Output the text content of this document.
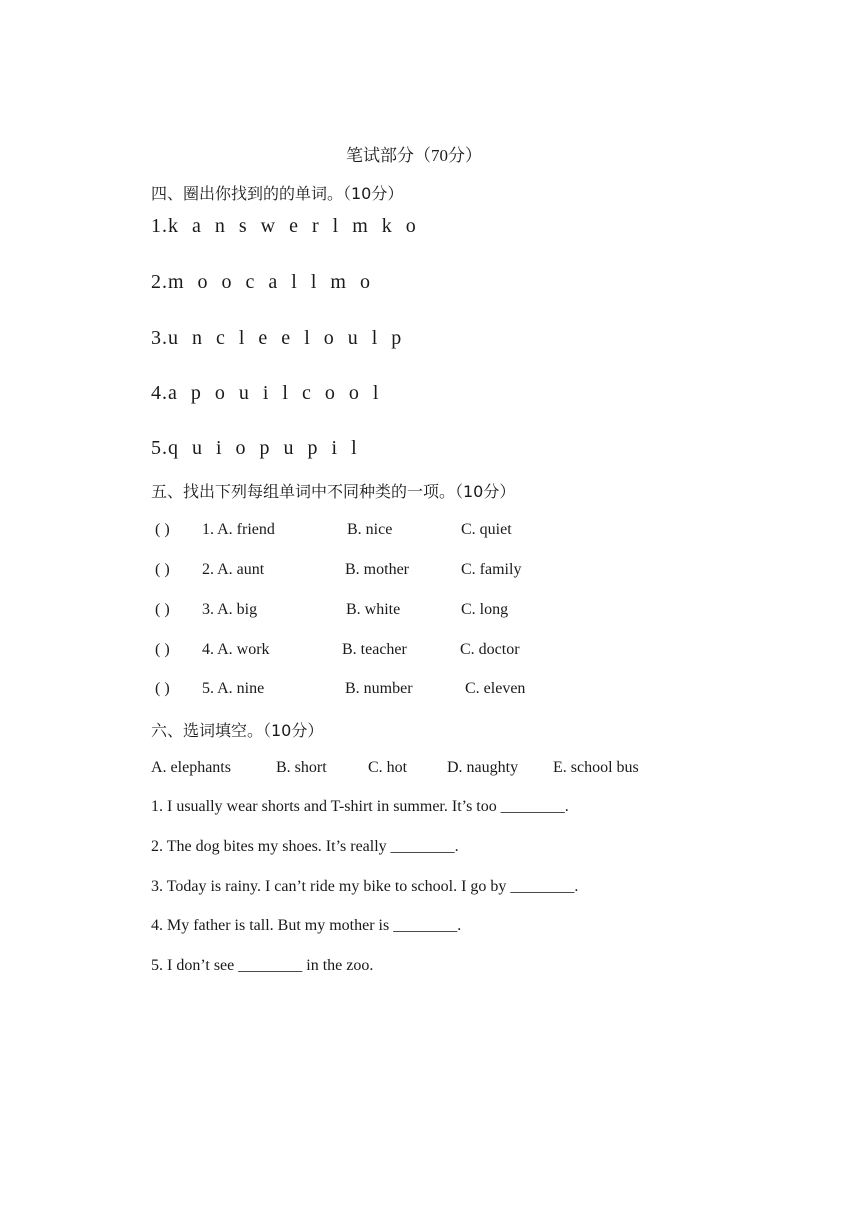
笔试部分（70分）
四、圈出你找到的的单词。（10分）
1.k a n s w e r l m k o
2.m o o c a l l m o
3.u n c l e e l o u l p
4.a p o u i l c o o l
5.q u i o p u p i l
五、找出下列每组单词中不同种类的一项。（10分）
( ) 1. A. friend	B. nice	C. quiet
( ) 2. A. aunt	B. mother	C. family
( ) 3. A. big	B. white	C. long
( ) 4. A. work	B. teacher	C. doctor
( ) 5. A. nine	B. number	C. eleven
六、选词填空。（10分）
A. elephants	B. short	C. hot D. naughty E. school bus
1. I usually wear shorts and T-shirt in summer. It’s too ________.
2. The dog bites my shoes. It’s really ________.
3. Today is rainy. I can’t ride my bike to school. I go by ________.
4. My father is tall. But my mother is ________.
5. I don’t see ________ in the zoo.
